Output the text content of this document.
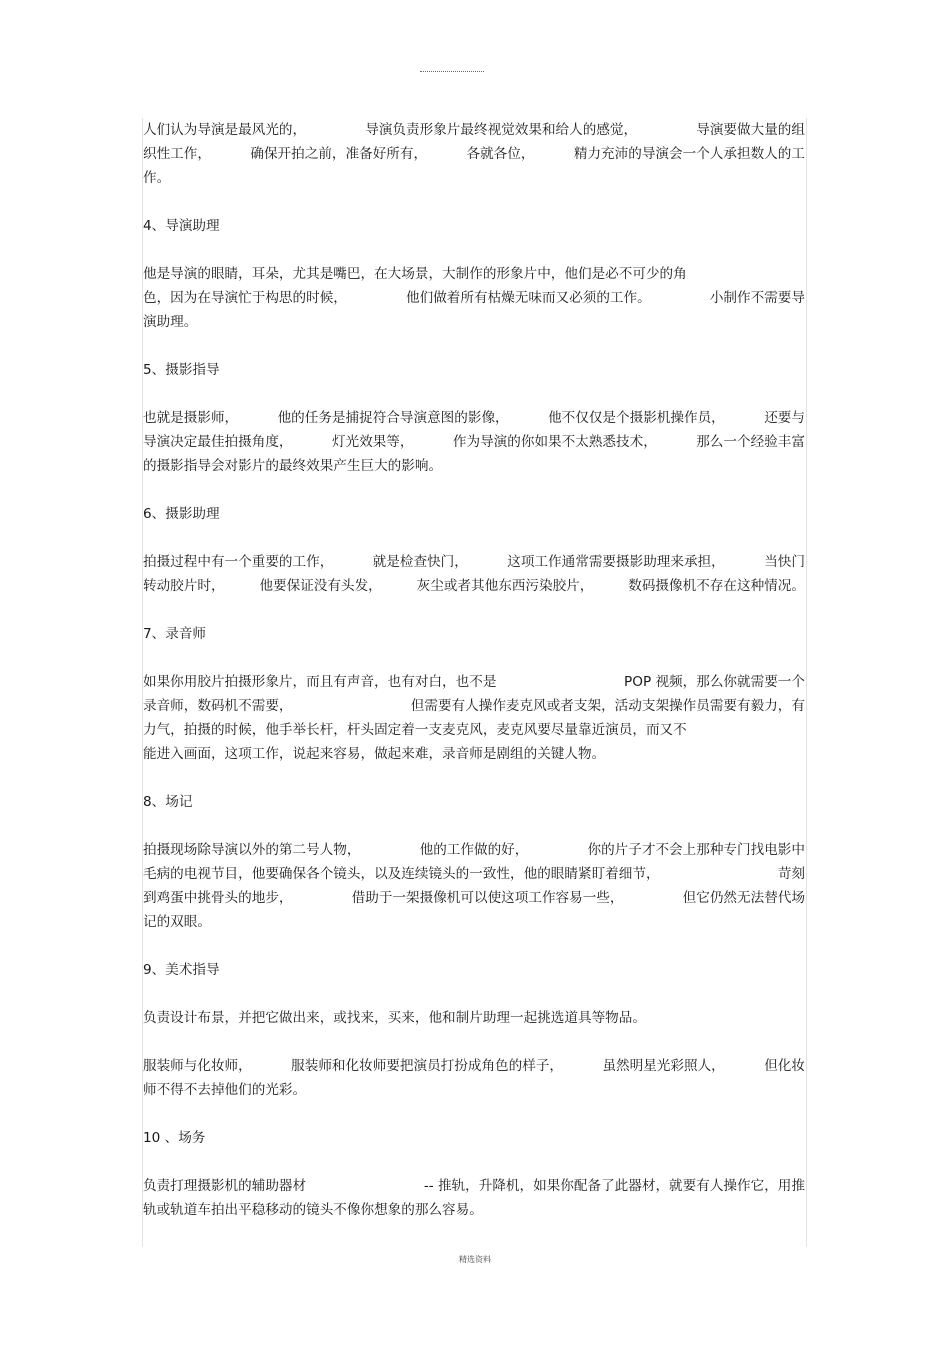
人们认为导演是最风光的，	导演负责形象片最终视觉效果和给人的感觉，	导演要做大量的组
织性工作，	确保开拍之前，准备好所有，	各就各位，	精力充沛的导演会一个人承担数人的工
作。

4、导演助理

他是导演的眼睛，耳朵，尤其是嘴巴，在大场景，大制作的形象片中，他们是必不可少的角
色，因为在导演忙于构思的时候，	他们做着所有枯燥无味而又必须的工作。	小制作不需要导
演助理。

5、摄影指导

也就是摄影师，	他的任务是捕捉符合导演意图的影像，	他不仅仅是个摄影机操作员，	还要与
导演决定最佳拍摄角度，	灯光效果等，	作为导演的你如果不太熟悉技术，	那么一个经验丰富
的摄影指导会对影片的最终效果产生巨大的影响。

6、摄影助理

拍摄过程中有一个重要的工作，	就是检查快门，	这项工作通常需要摄影助理来承担，	当快门
转动胶片时，	他要保证没有头发，	灰尘或者其他东西污染胶片，	数码摄像机不存在这种情况。

7、录音师

如果你用胶片拍摄形象片，而且有声音，也有对白，也不是	POP 视频，那么你就需要一个
录音师，数码机不需要，	但需要有人操作麦克风或者支架，活动支架操作员需要有毅力，有
力气，拍摄的时候，他手举长杆，杆头固定着一支麦克风，麦克风要尽量靠近演员，而又不
能进入画面，这项工作，说起来容易，做起来难，录音师是剧组的关键人物。

8、场记

拍摄现场除导演以外的第二号人物，	他的工作做的好，	你的片子才不会上那种专门找电影中
毛病的电视节目，他要确保各个镜头，以及连续镜头的一致性，他的眼睛紧盯着细节，	苛刻
到鸡蛋中挑骨头的地步，	借助于一架摄像机可以使这项工作容易一些，	但它仍然无法替代场
记的双眼。

9、美术指导

负责设计布景，并把它做出来，或找来，买来，他和制片助理一起挑选道具等物品。

服装师与化妆师，	服装师和化妆师要把演员打扮成角色的样子，	虽然明星光彩照人，	但化妆
师不得不去掉他们的光彩。

10 、场务

负责打理摄影机的辅助器材	-- 推轨，升降机，如果你配备了此器材，就要有人操作它，用推
轨或轨道车拍出平稳移动的镜头不像你想象的那么容易。

精选资料
